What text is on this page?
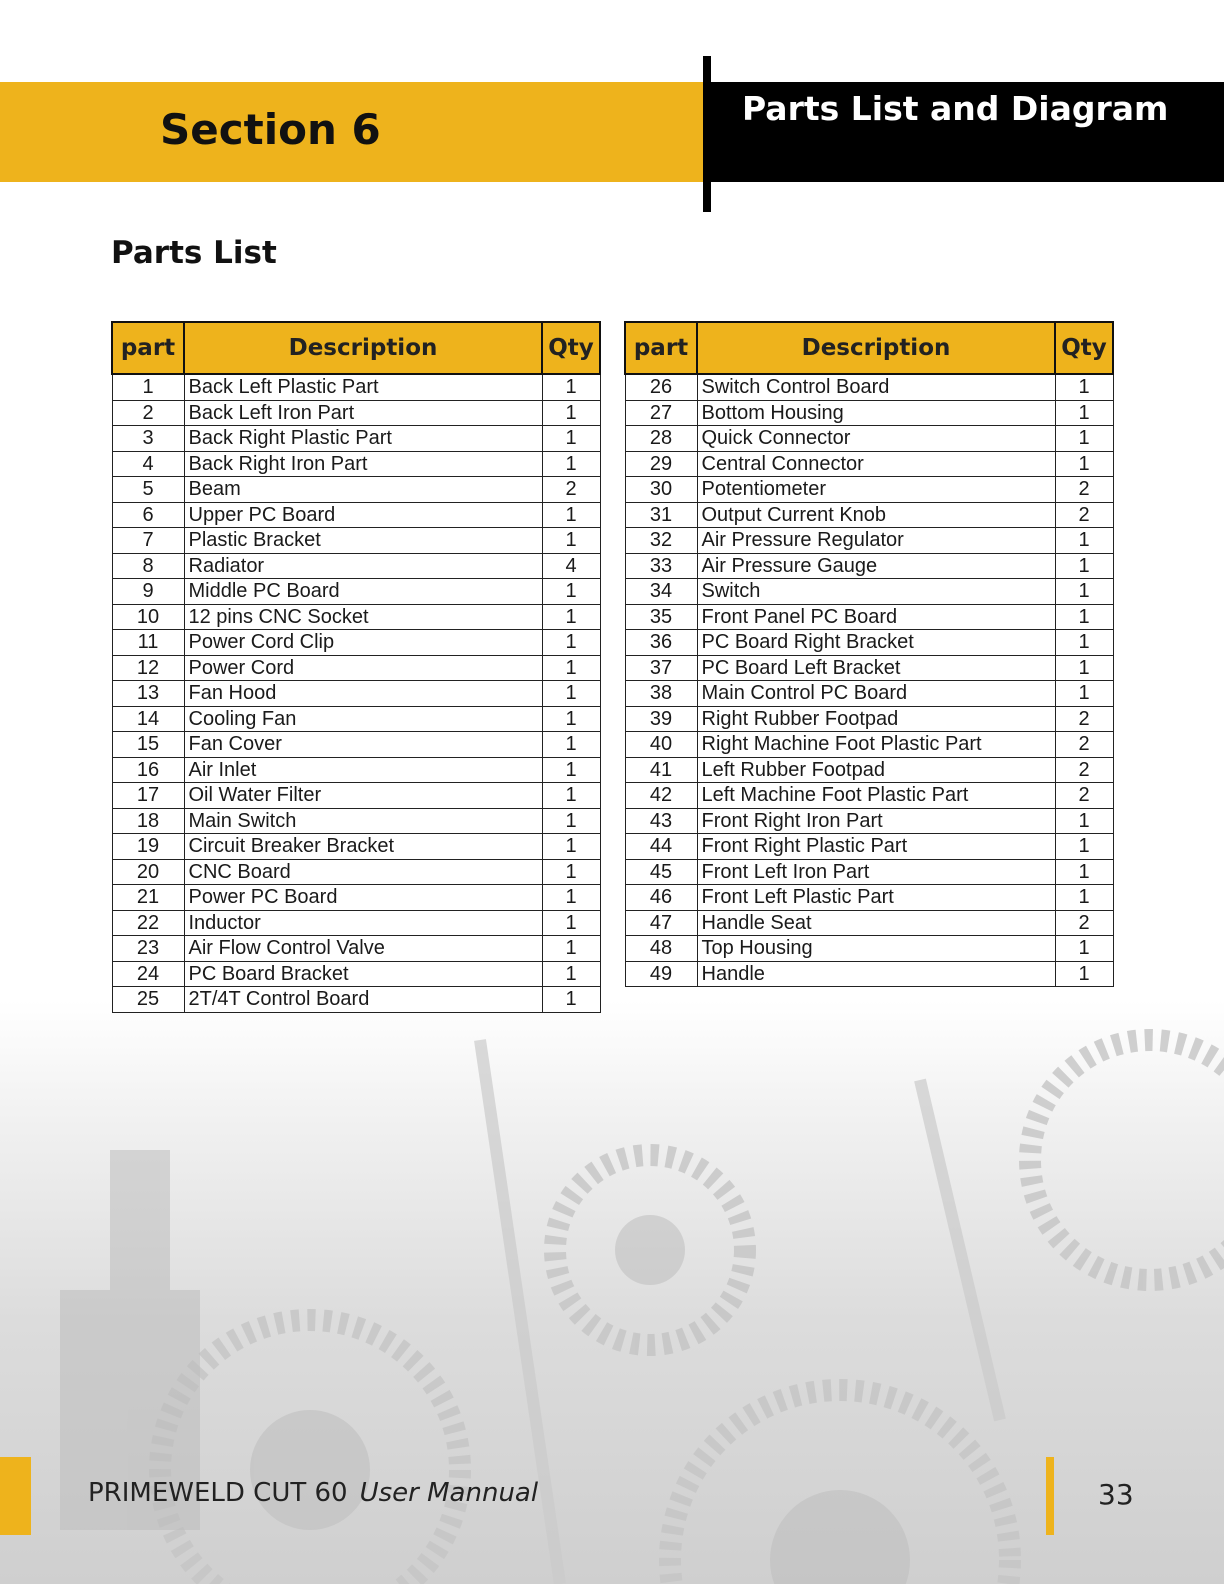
Section 6	Parts List and Diagram
Parts List
part	Description	Qty
1	Back Left Plastic Part	1
2	Back Left Iron Part	1
3	Back Right Plastic Part	1
4	Back Right Iron Part	1
5	Beam	2
6	Upper PC Board	1
7	Plastic Bracket	1
8	Radiator	4
9	Middle PC Board	1
10	12 pins CNC Socket	1
11	Power Cord Clip	1
12	Power Cord	1
13	Fan Hood	1
14	Cooling Fan	1
15	Fan Cover	1
16	Air Inlet	1
17	Oil Water Filter	1
18	Main Switch	1
19	Circuit Breaker Bracket	1
20	CNC Board	1
21	Power PC Board	1
22	Inductor	1
23	Air Flow Control Valve	1
24	PC Board Bracket	1
25	2T/4T Control Board	1
part	Description	Qty
26	Switch Control Board	1
27	Bottom Housing	1
28	Quick Connector	1
29	Central Connector	1
30	Potentiometer	2
31	Output Current Knob	2
32	Air Pressure Regulator	1
33	Air Pressure Gauge	1
34	Switch	1
35	Front Panel PC Board	1
36	PC Board Right Bracket	1
37	PC Board Left Bracket	1
38	Main Control PC Board	1
39	Right Rubber Footpad	2
40	Right Machine Foot Plastic Part	2
41	Left Rubber Footpad	2
42	Left Machine Foot Plastic Part	2
43	Front Right Iron Part	1
44	Front Right Plastic Part	1
45	Front Left Iron Part	1
46	Front Left Plastic Part	1
47	Handle Seat	2
48	Top Housing	1
49	Handle	1
PRIMEWELD CUT 60 User Mannual	33
